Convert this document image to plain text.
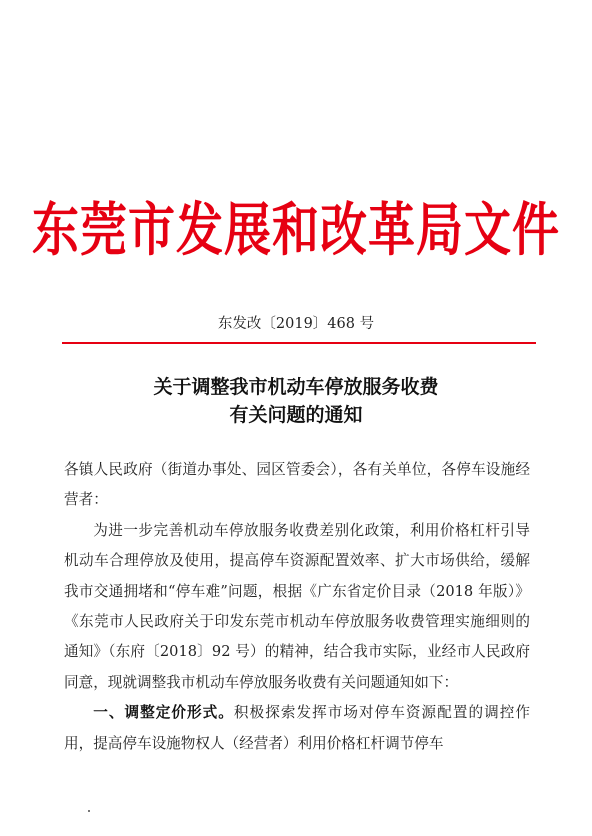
东莞市发展和改革局文件
东发改〔2019〕468 号
关于调整我市机动车停放服务收费
有关问题的通知

各镇人民政府（街道办事处、园区管委会），各有关单位，各停车设施经营者：

为进一步完善机动车停放服务收费差别化政策，利用价格杠杆引导机动车合理停放及使用，提高停车资源配置效率、扩大市场供给，缓解我市交通拥堵和“停车难”问题，根据《广东省定价目录（2018 年版）》《东莞市人民政府关于印发东莞市机动车停放服务收费管理实施细则的通知》（东府〔2018〕92 号）的精神，结合我市实际，业经市人民政府同意，现就调整我市机动车停放服务收费有关问题通知如下：

一、调整定价形式。积极探索发挥市场对停车资源配置的调控作用，提高停车设施物权人（经营者）利用价格杠杆调节停车
